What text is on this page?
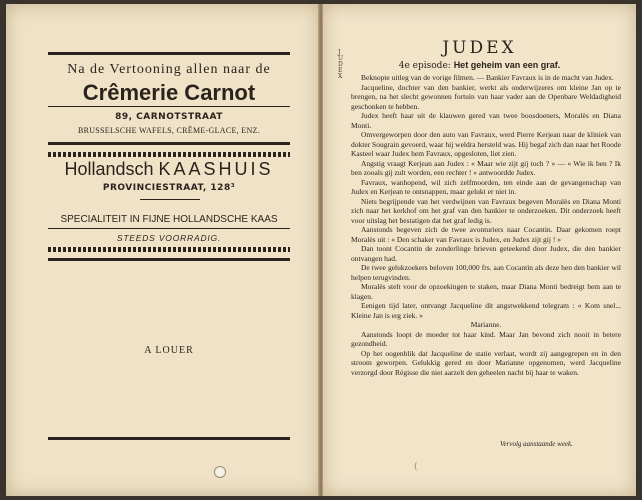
Na de Vertooning allen naar de
Crêmerie Carnot
89, CARNOTSTRAAT
BRUSSELSCHE WAFELS, CRÊME-GLACE, ENZ.
Hollandsch KAASHUIS
PROVINCIESTRAAT, 128³
SPECIALITEIT IN FIJNE HOLLANDSCHE KAAS
STEEDS VOORRADIG.
A LOUER
J
U
D
E
X
JUDEX
4e episode: Het geheim van een graf.

Beknopte uitleg van de vorige filmen. — Bankier Favraux is in de macht van Judex.

Jacqueline, dochter van den bankier, werkt als onderwijzeres om kleine Jan op te brengen, na het slecht gewonnen fortuin van haar vader aan de Openbare Weldadigheid geschonken te hebben.

Judex heeft haar uit de klauwen gered van twee boosdoeners, Moralès en Diana Monti.

Omvergeworpen door den auto van Favraux, werd Pierre Kerjean naar de kliniek van dokter Sougrain gevoerd, waar hij weldra hersteld was. Hij begaf zich dan naar het Roode Kasteel waar Judex hem Favraux, opgesloten, liet zien.

Angstig vraagt Kerjean aan Judex : « Maar wie zijt gij toch ? » — « Wie ik ben ? Ik ben zooals gij zult worden, een rechter ! » antwoordde Judex.

Favraux, wanhopend, wil zich zelfmoorden, ten einde aan de gevangenschap van Judex en Kerjean te ontsnappen, maar gelukt er niet in.

Niets begrijpende van het verdwijnen van Favraux begeven Moralès en Diana Monti zich naar het kerkhof om het graf van den bankier te onderzoeken. Dit onderzoek heeft voor uitslag het bestatigen dat het graf ledig is.

Aanstonds begeven zich de twee avonturiers naar Cocantin. Daar gekomen roept Moralès uit : « Den schaker van Favraux is Judex, en Judex zijt gij ! »

Dan toont Cocantin de zonderlinge brieven geteekend door Judex, die den bankier ontvangen had.

De twee gelukzoekers beloven 100,000 frs. aan Cocantin als deze hen den bankier wil helpen terugvinden.

Moralès stelt voor de opzoekingen te staken, maar Diana Monti bedreigt hem aan te klagen.

Eenigen tijd later, ontvangt Jacqueline dit angstwekkend telegram : « Kom snel... Kleine Jan is erg ziek. »

Marianne.

Aanstonds loopt de moeder tot haar kind. Maar Jan bevond zich nooit in betere gezondheid.

Op het oogenblik dat Jacqueline de statie verlaat, wordt zij aangegrepen en in den stroom geworpen. Gelukkig gered en door Marianne opgenomen, werd Jacqueline verzorgd door Régisse die niet aarzelt den geheelen nacht bij haar te waken.

Vervolg aanstaande week.
(
